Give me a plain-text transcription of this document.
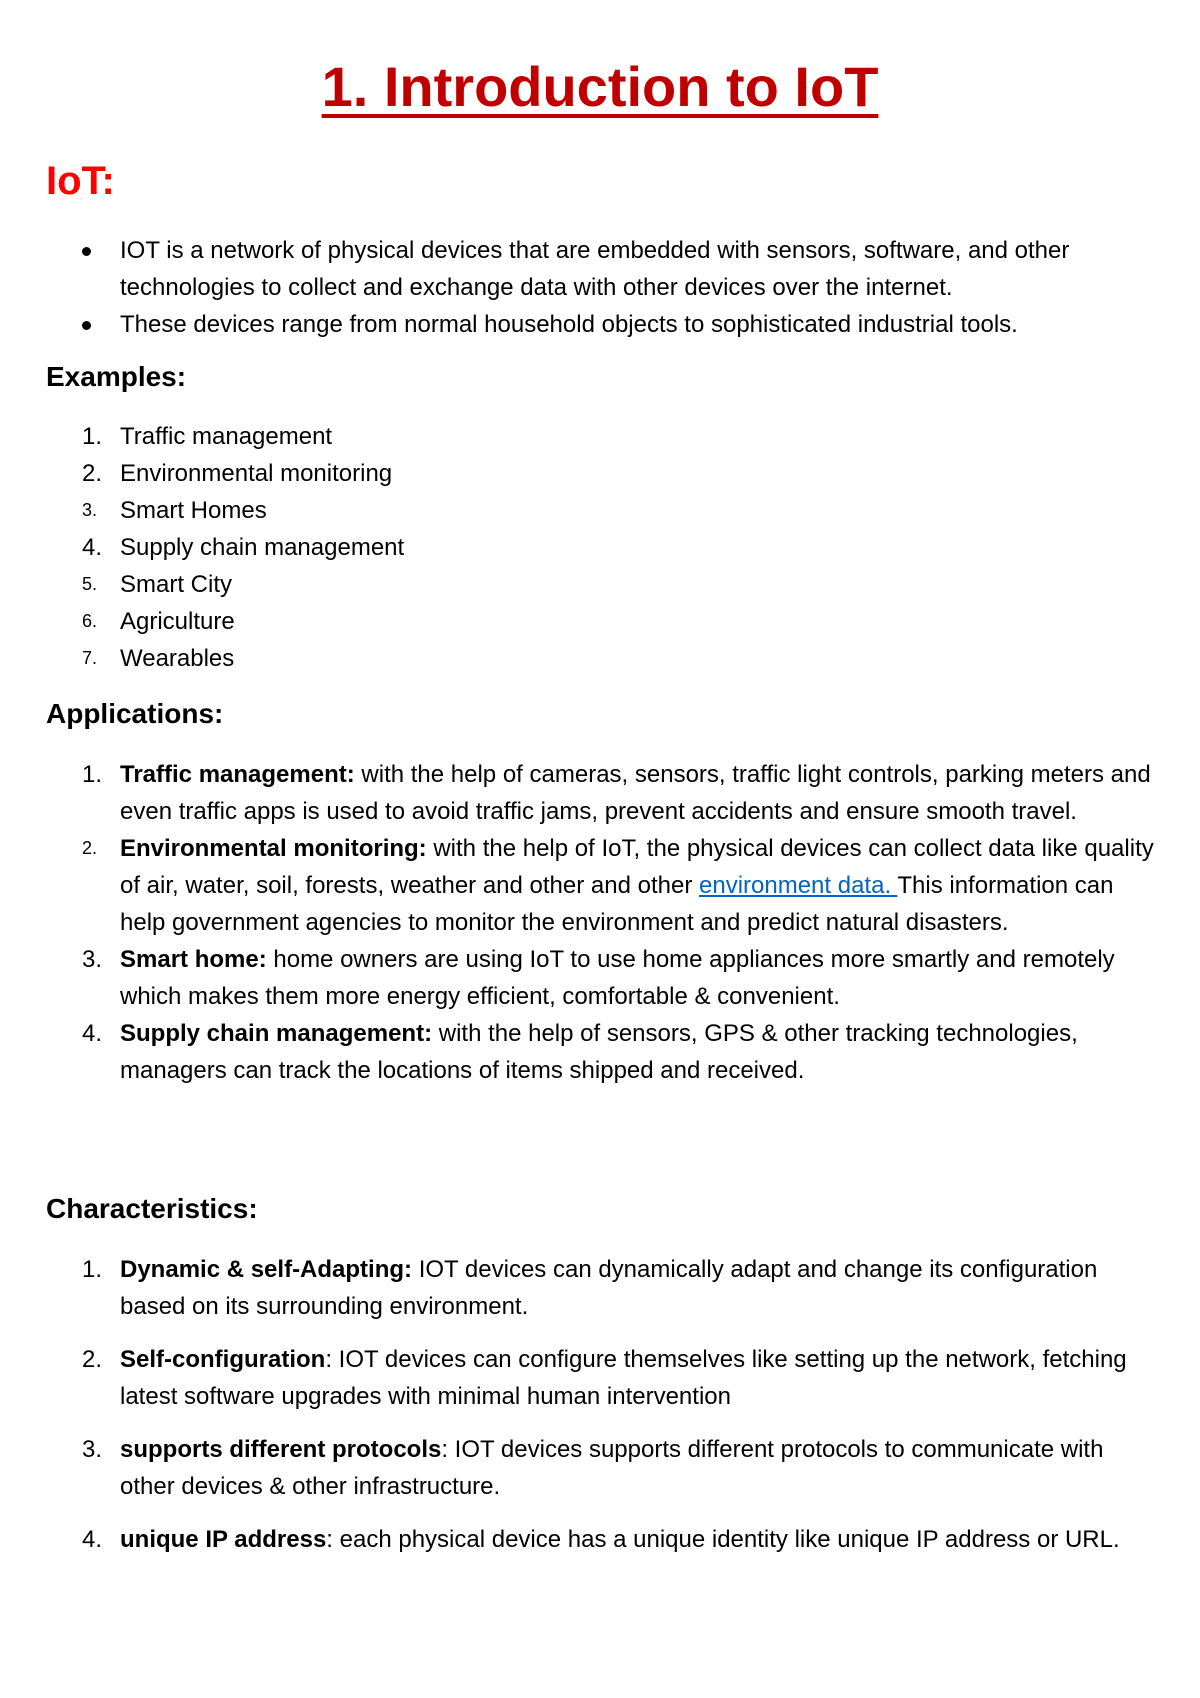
1. Introduction to IoT
IoT:
IOT is a network of physical devices that are embedded with sensors, software, and other technologies to collect and exchange data with other devices over the internet.
These devices range from normal household objects to sophisticated industrial tools.
Examples:
1. Traffic management
2. Environmental monitoring
3. Smart Homes
4. Supply chain management
5. Smart City
6. Agriculture
7. Wearables
Applications:
1. Traffic management: with the help of cameras, sensors, traffic light controls, parking meters and even traffic apps is used to avoid traffic jams, prevent accidents and ensure smooth travel.
2. Environmental monitoring: with the help of IoT, the physical devices can collect data like quality of air, water, soil, forests, weather and other and other environment data. This information can help government agencies to monitor the environment and predict natural disasters.
3. Smart home: home owners are using IoT to use home appliances more smartly and remotely which makes them more energy efficient, comfortable & convenient.
4. Supply chain management: with the help of sensors, GPS & other tracking technologies, managers can track the locations of items shipped and received.
Characteristics:
1. Dynamic & self-Adapting: IOT devices can dynamically adapt and change its configuration based on its surrounding environment.
2. Self-configuration: IOT devices can configure themselves like setting up the network, fetching latest software upgrades with minimal human intervention
3. supports different protocols: IOT devices supports different protocols to communicate with other devices & other infrastructure.
4. unique IP address: each physical device has a unique identity like unique IP address or URL.
